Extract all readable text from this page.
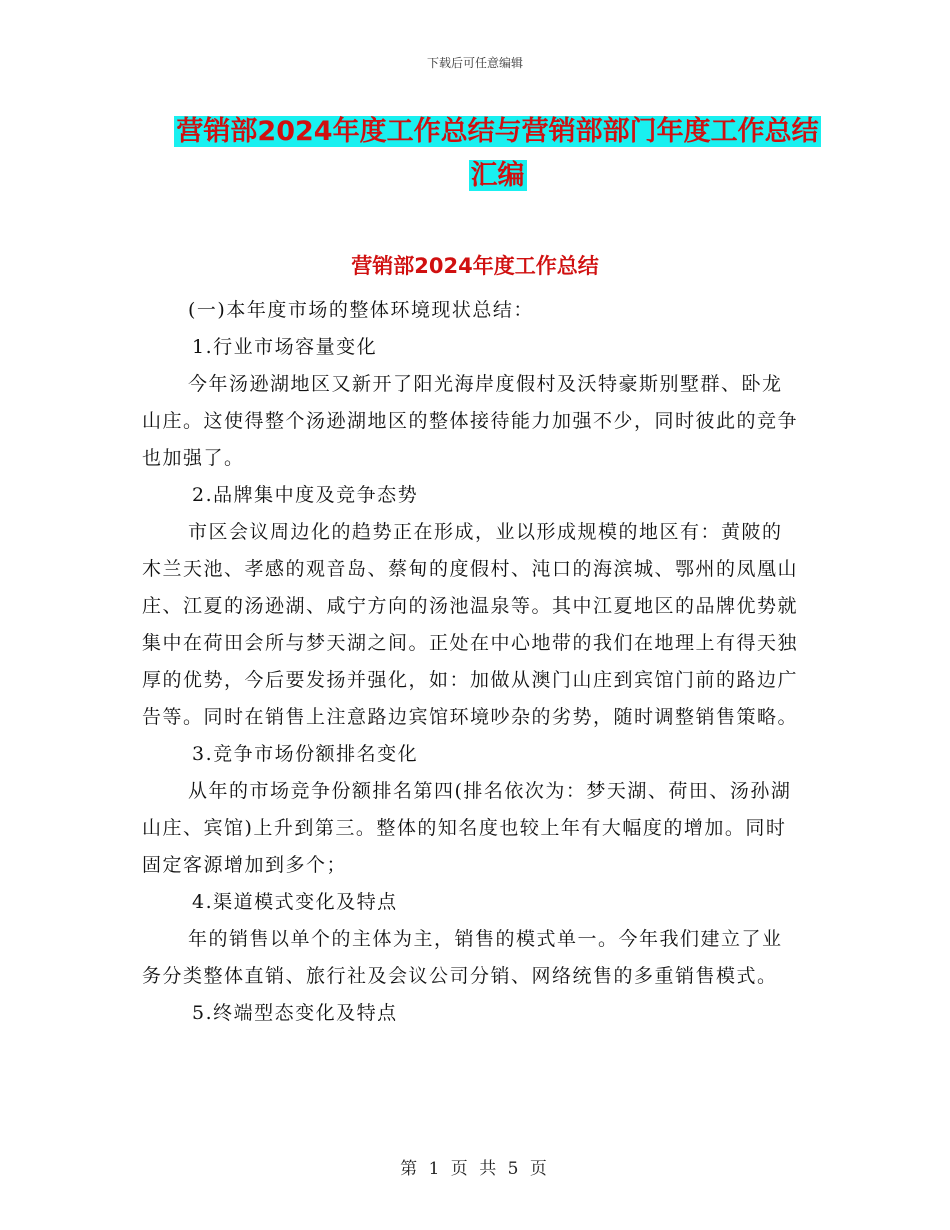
下载后可任意编辑
营销部2024年度工作总结与营销部部门年度工作总结
汇编
营销部2024年度工作总结

(一)本年度市场的整体环境现状总结：

1.行业市场容量变化

今年汤逊湖地区又新开了阳光海岸度假村及沃特豪斯别墅群、卧龙山庄。这使得整个汤逊湖地区的整体接待能力加强不少，同时彼此的竞争也加强了。

2.品牌集中度及竞争态势

市区会议周边化的趋势正在形成，业以形成规模的地区有：黄陂的木兰天池、孝感的观音岛、蔡甸的度假村、沌口的海滨城、鄂州的凤凰山庄、江夏的汤逊湖、咸宁方向的汤池温泉等。其中江夏地区的品牌优势就集中在荷田会所与梦天湖之间。正处在中心地带的我们在地理上有得天独厚的优势，今后要发扬并强化，如：加做从澳门山庄到宾馆门前的路边广告等。同时在销售上注意路边宾馆环境吵杂的劣势，随时调整销售策略。

3.竞争市场份额排名变化

从年的市场竞争份额排名第四(排名依次为：梦天湖、荷田、汤孙湖山庄、宾馆)上升到第三。整体的知名度也较上年有大幅度的增加。同时固定客源增加到多个；

4.渠道模式变化及特点

年的销售以单个的主体为主，销售的模式单一。今年我们建立了业务分类整体直销、旅行社及会议公司分销、网络统售的多重销售模式。

5.终端型态变化及特点

第 1 页 共 5 页
